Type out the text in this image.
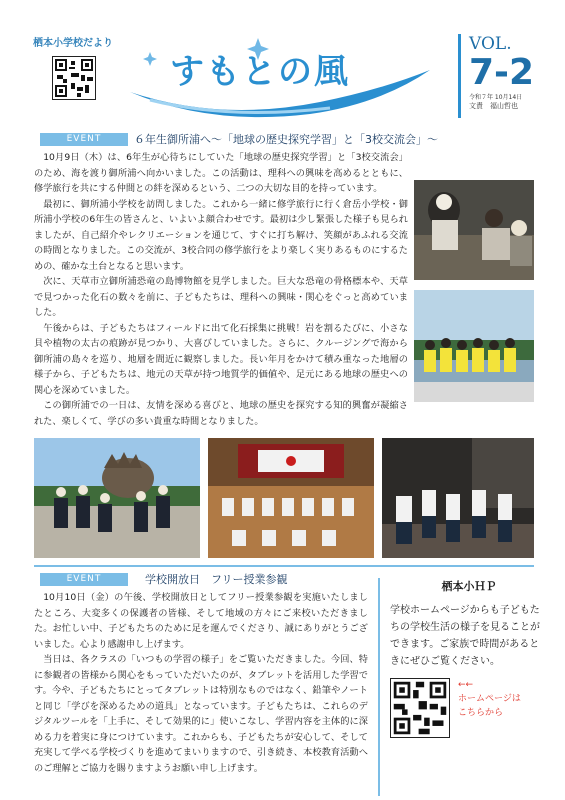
栖本小学校だより
すもとの風
VOL.
7-2
令和７年 10月14日
文責　福山哲也
EVENT	６年生御所浦へ～「地球の歴史探究学習」と「3校交流会」～

10月9日（木）は、6年生が心待ちにしていた「地球の歴史探究学習」と「3校交流会」のため、海を渡り御所浦へ向かいました。この活動は、理科への興味を高めるとともに、修学旅行を共にする仲間との絆を深めるという、二つの大切な目的を持っています。

最初に、御所浦小学校を訪問しました。これから一緒に修学旅行に行く倉岳小学校・御所浦小学校の6年生の皆さんと、いよいよ顔合わせです。最初は少し緊張した様子も見られましたが、自己紹介やレクリエーションを通じて、すぐに打ち解け、笑顔があふれる交流の時間となりました。この交流が、3校合同の修学旅行をより楽しく実りあるものにするための、確かな土台となると思います。

次に、天草市立御所浦恐竜の島博物館を見学しました。巨大な恐竜の骨格標本や、天草で見つかった化石の数々を前に、子どもたちは、理科への興味・関心をぐっと高めていました。

午後からは、子どもたちはフィールドに出て化石採集に挑戦！岩を割るたびに、小さな貝や植物の太古の痕跡が見つかり、大喜びしていました。さらに、クルージングで海から御所浦の島々を巡り、地層を間近に観察しました。長い年月をかけて積み重なった地層の様子から、子どもたちは、地元の天草が持つ地質学的価値や、足元にある地球の歴史への関心を深めていました。

この御所浦での一日は、友情を深める喜びと、地球の歴史を探究する知的興奮が凝縮された、楽しくて、学びの多い貴重な時間となりました。

EVENT	学校開放日　フリー授業参観

10月10日（金）の午後、学校開放日としてフリー授業参観を実施いたしましたところ、大変多くの保護者の皆様、そして地域の方々にご来校いただきました。お忙しい中、子どもたちのために足を運んでくださり、誠にありがとうございました。心より感謝申し上げます。

当日は、各クラスの「いつもの学習の様子」をご覧いただきました。今回、特に参観者の皆様から関心をもっていただいたのが、タブレットを活用した学習です。今や、子どもたちにとってタブレットは特別なものではなく、鉛筆やノートと同じ「学びを深めるための道具」となっています。子どもたちは、これらのデジタルツールを「上手に、そして効果的に」使いこなし、学習内容を主体的に深める力を着実に身につけています。これからも、子どもたちが安心して、そして充実して学べる学校づくりを進めてまいりますので、引き続き、本校教育活動へのご理解とご協力を賜りますようお願い申し上げます。

栖本小ＨＰ
学校ホームページからも子どもたちの学校生活の様子を見ることができます。ご家族で時間があるときにぜひご覧ください。
←←
ホームページは
こちらから
